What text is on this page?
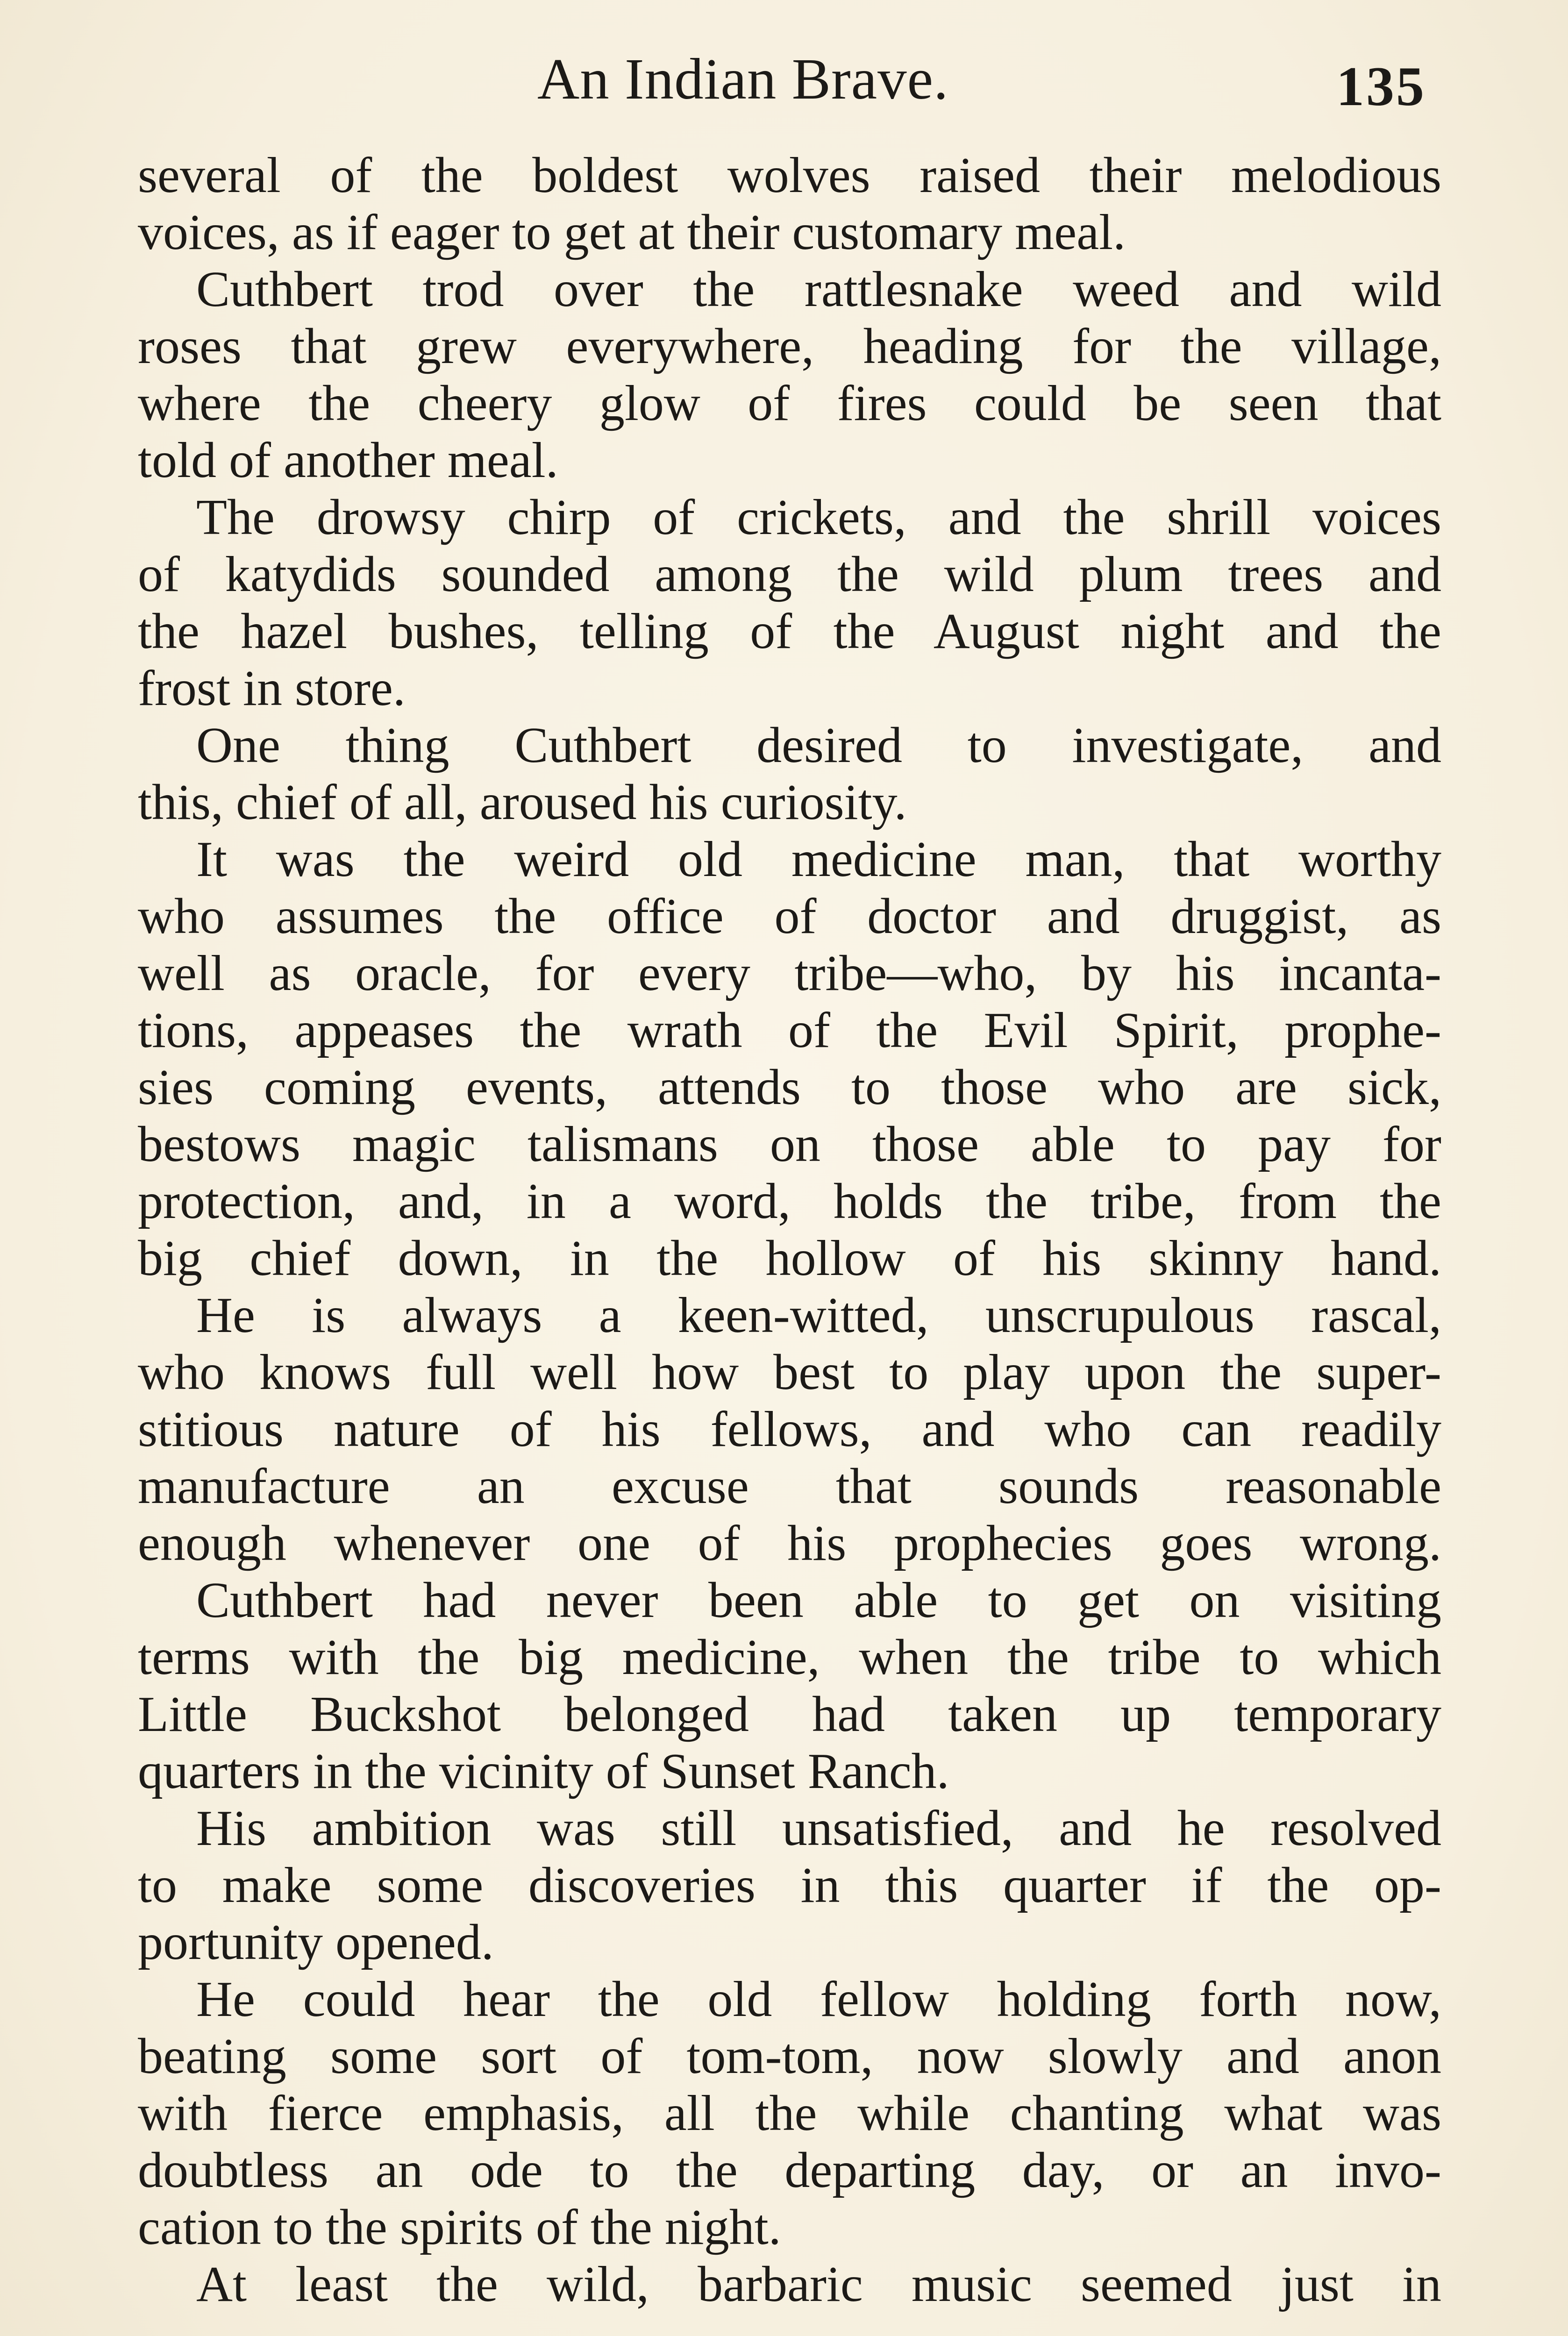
An Indian Brave.	135
several of the boldest wolves raised their melodious
voices, as if eager to get at their customary meal.
Cuthbert trod over the rattlesnake weed and wild
roses that grew everywhere, heading for the village,
where the cheery glow of fires could be seen that
told of another meal.
The drowsy chirp of crickets, and the shrill voices
of katydids sounded among the wild plum trees and
the hazel bushes, telling of the August night and the
frost in store.
One thing Cuthbert desired to investigate, and
this, chief of all, aroused his curiosity.
It was the weird old medicine man, that worthy
who assumes the office of doctor and druggist, as
well as oracle, for every tribe—who, by his incanta-
tions, appeases the wrath of the Evil Spirit, prophe-
sies coming events, attends to those who are sick,
bestows magic talismans on those able to pay for
protection, and, in a word, holds the tribe, from the
big chief down, in the hollow of his skinny hand.
He is always a keen-witted, unscrupulous rascal,
who knows full well how best to play upon the super-
stitious nature of his fellows, and who can readily
manufacture an excuse that sounds reasonable
enough whenever one of his prophecies goes wrong.
Cuthbert had never been able to get on visiting
terms with the big medicine, when the tribe to which
Little Buckshot belonged had taken up temporary
quarters in the vicinity of Sunset Ranch.
His ambition was still unsatisfied, and he resolved
to make some discoveries in this quarter if the op-
portunity opened.
He could hear the old fellow holding forth now,
beating some sort of tom-tom, now slowly and anon
with fierce emphasis, all the while chanting what was
doubtless an ode to the departing day, or an invo-
cation to the spirits of the night.
At least the wild, barbaric music seemed just in
